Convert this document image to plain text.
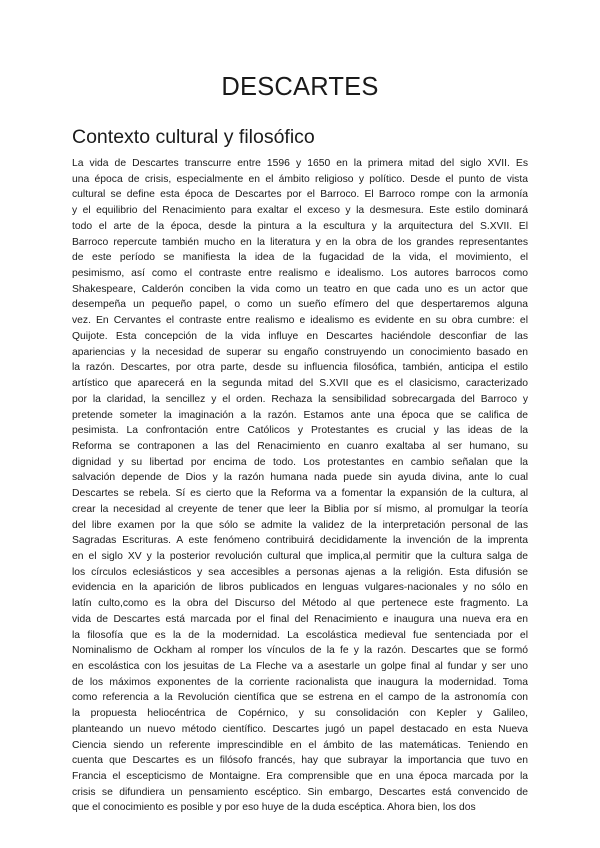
DESCARTES
Contexto cultural y filosófico
La vida de Descartes transcurre entre 1596 y 1650 en la primera mitad del siglo XVII. Es
una época de crisis, especialmente en el ámbito religioso y político. Desde el punto de vista
cultural se define esta época de Descartes por el Barroco. El Barroco rompe con la armonía
y el equilibrio del Renacimiento para exaltar el exceso y la desmesura. Este estilo dominará
todo el arte de la época, desde la pintura a la escultura y la arquitectura del S.XVII. El
Barroco repercute también mucho en la literatura y en la obra de los grandes representantes
de este período se manifiesta la idea de la fugacidad de la vida, el movimiento, el
pesimismo, así como el contraste entre realismo e idealismo. Los autores barrocos como
Shakespeare, Calderón conciben la vida como un teatro en que cada uno es un actor que
desempeña un pequeño papel, o como un sueño efímero del que despertaremos alguna
vez. En Cervantes el contraste entre realismo e idealismo es evidente en su obra cumbre: el
Quijote. Esta concepción de la vida influye en Descartes haciéndole desconfiar de las
apariencias y la necesidad de superar su engaño construyendo un conocimiento basado en
la razón. Descartes, por otra parte, desde su influencia filosófica, también, anticipa el estilo
artístico que aparecerá en la segunda mitad del S.XVII que es el clasicismo, caracterizado
por la claridad, la sencillez y el orden. Rechaza la sensibilidad sobrecargada del Barroco y
pretende someter la imaginación a la razón. Estamos ante una época que se califica de
pesimista. La confrontación entre Católicos y Protestantes es crucial y las ideas de la
Reforma se contraponen a las del Renacimiento en cuanro exaltaba al ser humano, su
dignidad y su libertad por encima de todo. Los protestantes en cambio señalan que la
salvación depende de Dios y la razón humana nada puede sin ayuda divina, ante lo cual
Descartes se rebela. Sí es cierto que la Reforma va a fomentar la expansión de la cultura, al
crear la necesidad al creyente de tener que leer la Biblia por sí mismo, al promulgar la teoría
del libre examen por la que sólo se admite la validez de la interpretación personal de las
Sagradas Escrituras. A este fenómeno contribuirá decididamente la invención de la imprenta
en el siglo XV y la posterior revolución cultural que implica,al permitir que la cultura salga de
los círculos eclesiásticos y sea accesibles a personas ajenas a la religión. Esta difusión se
evidencia en la aparición de libros publicados en lenguas vulgares-nacionales y no sólo en
latín culto,como es la obra del Discurso del Método al que pertenece este fragmento. La
vida de Descartes está marcada por el final del Renacimiento e inaugura una nueva era en
la filosofía que es la de la modernidad. La escolástica medieval fue sentenciada por el
Nominalismo de Ockham al romper los vínculos de la fe y la razón. Descartes que se formó
en escolástica con los jesuitas de La Fleche va a asestarle un golpe final al fundar y ser uno
de los máximos exponentes de la corriente racionalista que inaugura la modernidad. Toma
como referencia a la Revolución científica que se estrena en el campo de la astronomía con
la propuesta heliocéntrica de Copérnico, y su consolidación con Kepler y Galileo,
planteando un nuevo método científico. Descartes jugó un papel destacado en esta Nueva
Ciencia siendo un referente imprescindible en el ámbito de las matemáticas. Teniendo en
cuenta que Descartes es un filósofo francés, hay que subrayar la importancia que tuvo en
Francia el escepticismo de Montaigne. Era comprensible que en una época marcada por la
crisis se difundiera un pensamiento escéptico. Sin embargo, Descartes está convencido de
que el conocimiento es posible y por eso huye de la duda escéptica. Ahora bien, los dos
